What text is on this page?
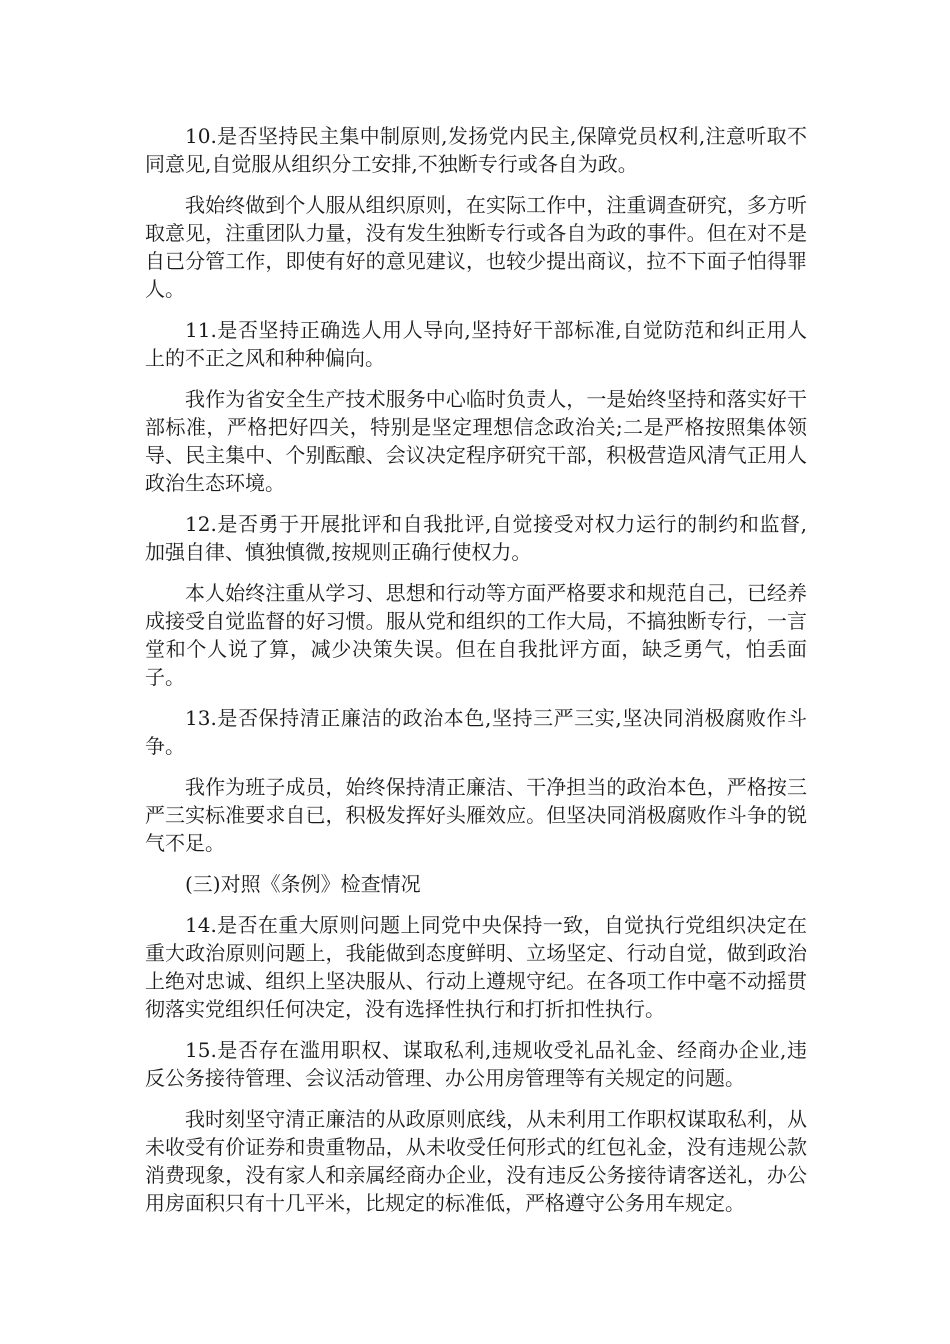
10.是否坚持民主集中制原则,发扬党内民主,保障党员权利,注意听取不同意见,自觉服从组织分工安排,不独断专行或各自为政。

我始终做到个人服从组织原则，在实际工作中，注重调查研究，多方听取意见，注重团队力量，没有发生独断专行或各自为政的事件。但在对不是自已分管工作，即使有好的意见建议，也较少提出商议，拉不下面子怕得罪人。

11.是否坚持正确选人用人导向,坚持好干部标准,自觉防范和纠正用人上的不正之风和种种偏向。

我作为省安全生产技术服务中心临时负责人，一是始终坚持和落实好干部标准，严格把好四关，特别是坚定理想信念政治关;二是严格按照集体领导、民主集中、个别酝酿、会议决定程序研究干部，积极营造风清气正用人政治生态环境。

12.是否勇于开展批评和自我批评,自觉接受对权力运行的制约和监督,加强自律、慎独慎微,按规则正确行使权力。

本人始终注重从学习、思想和行动等方面严格要求和规范自己，已经养成接受自觉监督的好习惯。服从党和组织的工作大局，不搞独断专行，一言堂和个人说了算，减少决策失误。但在自我批评方面，缺乏勇气，怕丢面子。

13.是否保持清正廉洁的政治本色,坚持三严三实,坚决同消极腐败作斗争。

我作为班子成员，始终保持清正廉洁、干净担当的政治本色，严格按三严三实标准要求自已，积极发挥好头雁效应。但坚决同消极腐败作斗争的锐气不足。

(三)对照《条例》检查情况

14.是否在重大原则问题上同党中央保持一致，自觉执行党组织决定在重大政治原则问题上，我能做到态度鲜明、立场坚定、行动自觉，做到政治上绝对忠诚、组织上坚决服从、行动上遵规守纪。在各项工作中毫不动摇贯彻落实党组织任何决定，没有选择性执行和打折扣性执行。

15.是否存在滥用职权、谋取私利,违规收受礼品礼金、经商办企业,违反公务接待管理、会议活动管理、办公用房管理等有关规定的问题。

我时刻坚守清正廉洁的从政原则底线，从未利用工作职权谋取私利，从未收受有价证券和贵重物品，从未收受任何形式的红包礼金，没有违规公款消费现象，没有家人和亲属经商办企业，没有违反公务接待请客送礼，办公用房面积只有十几平米，比规定的标准低，严格遵守公务用车规定。
